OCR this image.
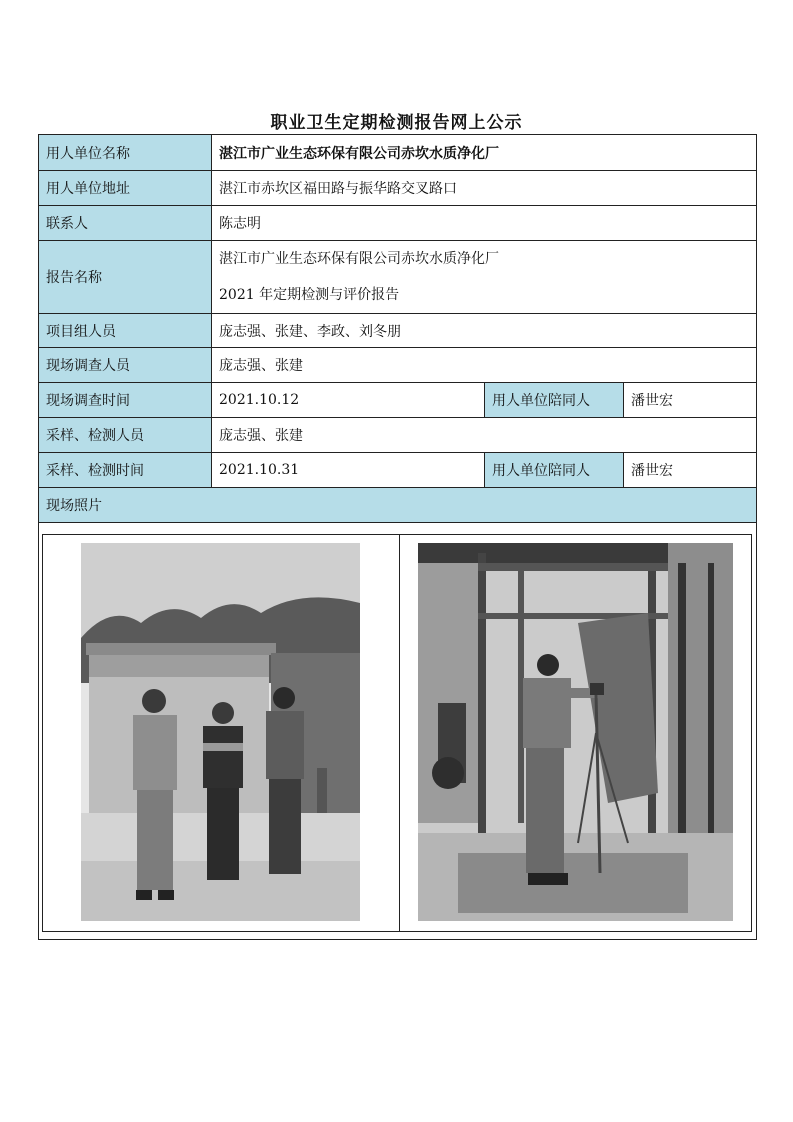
职业卫生定期检测报告网上公示
用人单位名称	湛江市广业生态环保有限公司赤坎水质净化厂		
用人单位地址	湛江市赤坎区福田路与振华路交叉路口		
联系人	陈志明		
报告名称	湛江市广业生态环保有限公司赤坎水质净化厂
2021 年定期检测与评价报告		

项目组人员	庞志强、张建、李政、刘冬朋		
现场调查人员	庞志强、张建		
现场调查时间	2021.10.12	用人单位陪同人	潘世宏
采样、检测人员	庞志强、张建		
采样、检测时间	2021.10.31	用人单位陪同人	潘世宏
现场照片			
